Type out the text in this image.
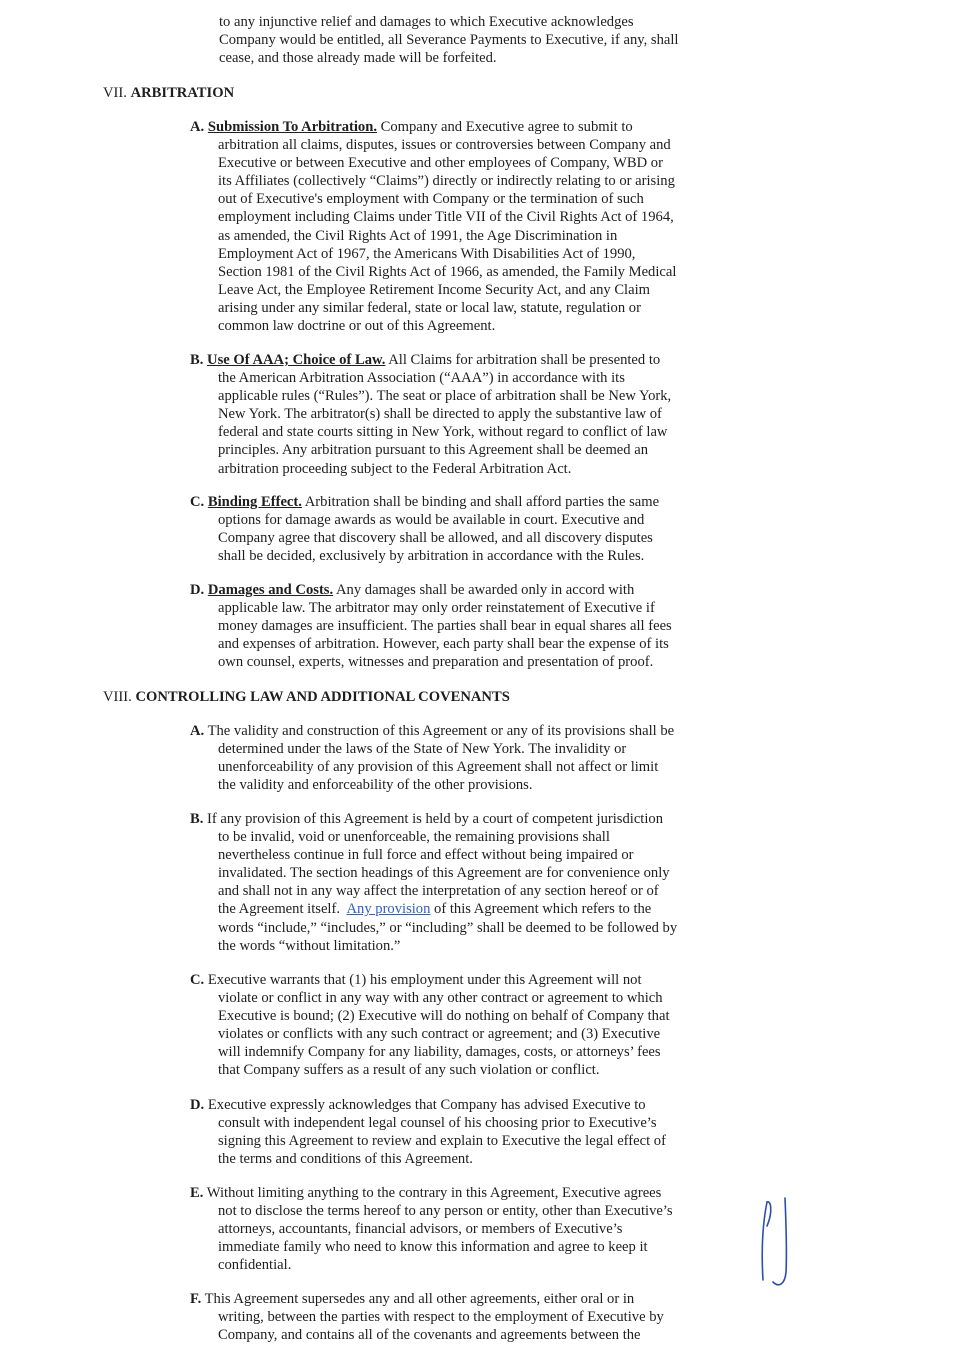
to any injunctive relief and damages to which Executive acknowledges
Company would be entitled, all Severance Payments to Executive, if any, shall
cease, and those already made will be forfeited.
VII. ARBITRATION
A. Submission To Arbitration. Company and Executive agree to submit to
arbitration all claims, disputes, issues or controversies between Company and
Executive or between Executive and other employees of Company, WBD or
its Affiliates (collectively “Claims”) directly or indirectly relating to or arising
out of Executive's employment with Company or the termination of such
employment including Claims under Title VII of the Civil Rights Act of 1964,
as amended, the Civil Rights Act of 1991, the Age Discrimination in
Employment Act of 1967, the Americans With Disabilities Act of 1990,
Section 1981 of the Civil Rights Act of 1966, as amended, the Family Medical
Leave Act, the Employee Retirement Income Security Act, and any Claim
arising under any similar federal, state or local law, statute, regulation or
common law doctrine or out of this Agreement.
B. Use Of AAA; Choice of Law. All Claims for arbitration shall be presented to
the American Arbitration Association (“AAA”) in accordance with its
applicable rules (“Rules”). The seat or place of arbitration shall be New York,
New York. The arbitrator(s) shall be directed to apply the substantive law of
federal and state courts sitting in New York, without regard to conflict of law
principles. Any arbitration pursuant to this Agreement shall be deemed an
arbitration proceeding subject to the Federal Arbitration Act.
C. Binding Effect. Arbitration shall be binding and shall afford parties the same
options for damage awards as would be available in court. Executive and
Company agree that discovery shall be allowed, and all discovery disputes
shall be decided, exclusively by arbitration in accordance with the Rules.
D. Damages and Costs. Any damages shall be awarded only in accord with
applicable law. The arbitrator may only order reinstatement of Executive if
money damages are insufficient. The parties shall bear in equal shares all fees
and expenses of arbitration. However, each party shall bear the expense of its
own counsel, experts, witnesses and preparation and presentation of proof.
VIII. CONTROLLING LAW AND ADDITIONAL COVENANTS
A. The validity and construction of this Agreement or any of its provisions shall be
determined under the laws of the State of New York. The invalidity or
unenforceability of any provision of this Agreement shall not affect or limit
the validity and enforceability of the other provisions.
B. If any provision of this Agreement is held by a court of competent jurisdiction
to be invalid, void or unenforceable, the remaining provisions shall
nevertheless continue in full force and effect without being impaired or
invalidated. The section headings of this Agreement are for convenience only
and shall not in any way affect the interpretation of any section hereof or of
the Agreement itself.  Any provision of this Agreement which refers to the
words “include,” “includes,” or “including” shall be deemed to be followed by
the words “without limitation.”
C. Executive warrants that (1) his employment under this Agreement will not
violate or conflict in any way with any other contract or agreement to which
Executive is bound; (2) Executive will do nothing on behalf of Company that
violates or conflicts with any such contract or agreement; and (3) Executive
will indemnify Company for any liability, damages, costs, or attorneys’ fees
that Company suffers as a result of any such violation or conflict.
D. Executive expressly acknowledges that Company has advised Executive to
consult with independent legal counsel of his choosing prior to Executive’s
signing this Agreement to review and explain to Executive the legal effect of
the terms and conditions of this Agreement.
E. Without limiting anything to the contrary in this Agreement, Executive agrees
not to disclose the terms hereof to any person or entity, other than Executive’s
attorneys, accountants, financial advisors, or members of Executive’s
immediate family who need to know this information and agree to keep it
confidential.
F. This Agreement supersedes any and all other agreements, either oral or in
writing, between the parties with respect to the employment of Executive by
Company, and contains all of the covenants and agreements between the
